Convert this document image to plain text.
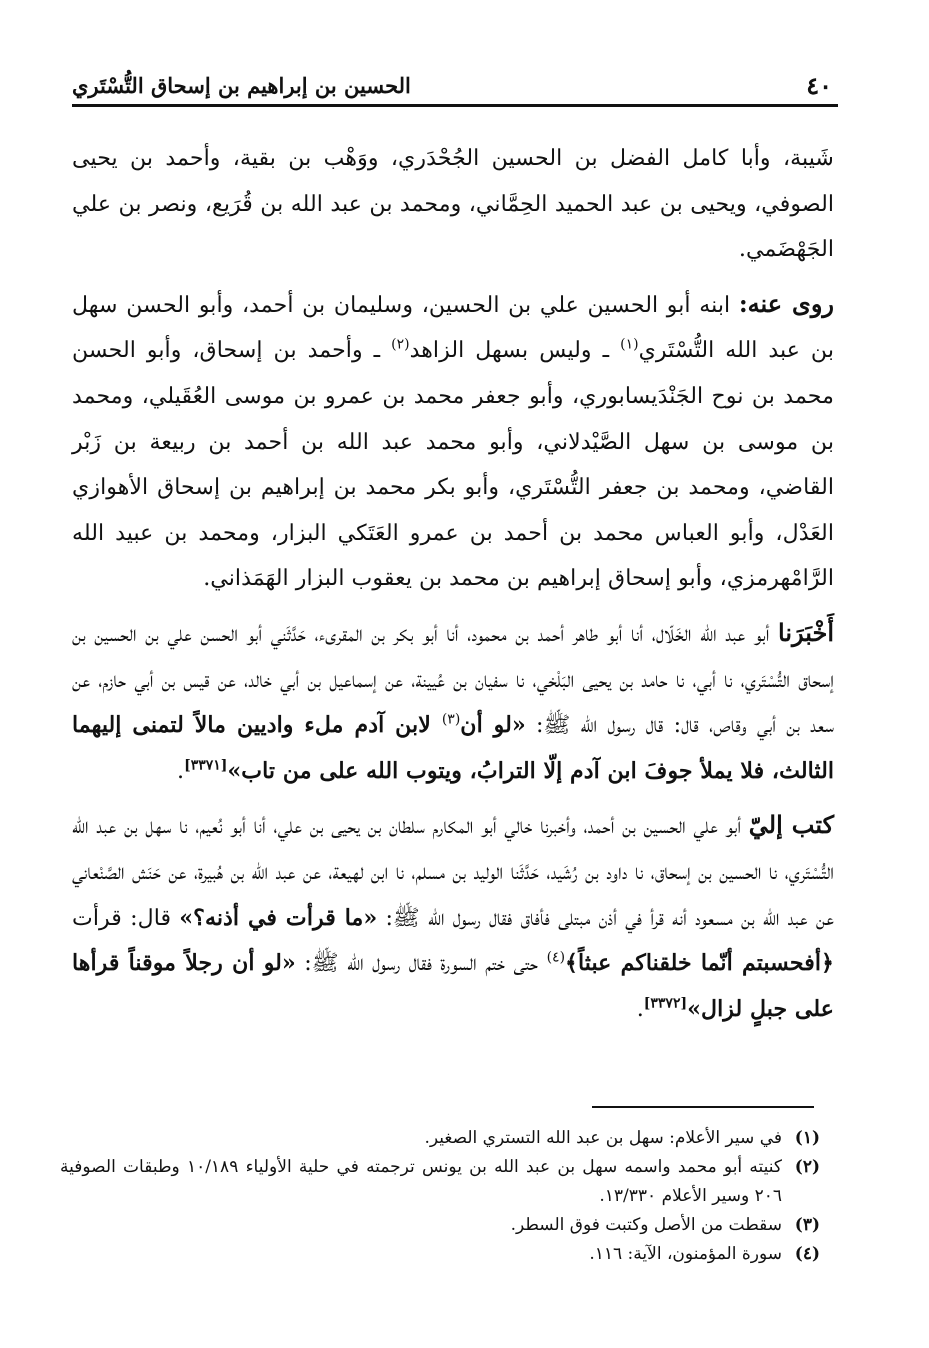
٤٠
الحسين بن إبراهيم بن إسحاق التُّسْتَري

شَيبة، وأبا كامل الفضل بن الحسين الجُحْدَري، ووَهْب بن بقية، وأحمد بن يحيى الصوفي، ويحيى بن عبد الحميد الحِمَّاني، ومحمد بن عبد الله بن قُرَيع، ونصر بن علي الجَهْضَمي.

روى عنه: ابنه أبو الحسين علي بن الحسين، وسليمان بن أحمد، وأبو الحسن سهل بن عبد الله التُّسْتَري$^{(١)}$ ـ وليس بسهل الزاهد$^{(٢)}$ ـ وأحمد بن إسحاق، وأبو الحسن محمد بن نوح الجَنْدَيسابوري، وأبو جعفر محمد بن عمرو بن موسى العُقَيلي، ومحمد بن موسى بن سهل الصَّيْدلاني، وأبو محمد عبد الله بن أحمد بن ربيعة بن زَبْر القاضي، ومحمد بن جعفر التُّسْتَري، وأبو بكر محمد بن إبراهيم بن إسحاق الأهوازي العَدْل، وأبو العباس محمد بن أحمد بن عمرو العَتَكي البزار، ومحمد بن عبيد الله الرَّامْهرمزي، وأبو إسحاق إبراهيم بن محمد بن يعقوب البزار الهَمَذاني.

أَخْبَرَنا أبو عبد الله الخَلّال، أنا أبو طاهر أحمد بن محمود، أنا أبو بكر بن المقرىء، حَدَّثَني أبو الحسن علي بن الحسين بن إسحاق التُّسْتَري، نا أبي، نا حامد بن يحيى البَلْخي، نا سفيان بن عُيينة، عن إسماعيل بن أبي خالد، عن قيس بن أبي حازم، عن سعد بن أبي وقاص، قال: قال رسول الله ﷺ: «لو أن$^{(٣)}$ لابن آدم ملء واديين مالاً لتمنى إليهما الثالث، فلا يملأ جوفَ ابن آدم إلّا الترابُ، ويتوب الله على من تاب»[٣٣٧١].

كتب إليّ أبو علي الحسين بن أحمد، وأخبرنا خالي أبو المكارم سلطان بن يحيى بن علي، أنا أبو نُعيم، نا سهل بن عبد الله التُّسْتَري، نا الحسين بن إسحاق، نا داود بن رُشَيد، حَدَّثَنا الوليد بن مسلم، نا ابن لهيعة، عن عبد الله بن هُبيرة، عن حَنَش الصَّنْعاني عن عبد الله بن مسعود أنه قرأ في أذن مبتلى فأفاق فقال رسول الله ﷺ: «ما قرأت في أذنه؟» قال: قرأت ﴿أفحسبتم أنّما خلقناكم عبثاً﴾$^{(٤)}$ حتى ختم السورة فقال رسول الله ﷺ: «لو أن رجلاً موقناً قرأها على جبلٍ لزال»[٣٣٧٢].

(١)
في سير الأعلام: سهل بن عبد الله التستري الصغير.
(٢)
كنيته أبو محمد واسمه سهل بن عبد الله بن يونس ترجمته في حلية الأولياء ١٠/١٨٩ وطبقات الصوفية ٢٠٦ وسير الأعلام ١٣/٣٣٠.
(٣)
سقطت من الأصل وكتبت فوق السطر.
(٤)
سورة المؤمنون، الآية: ١١٦.
